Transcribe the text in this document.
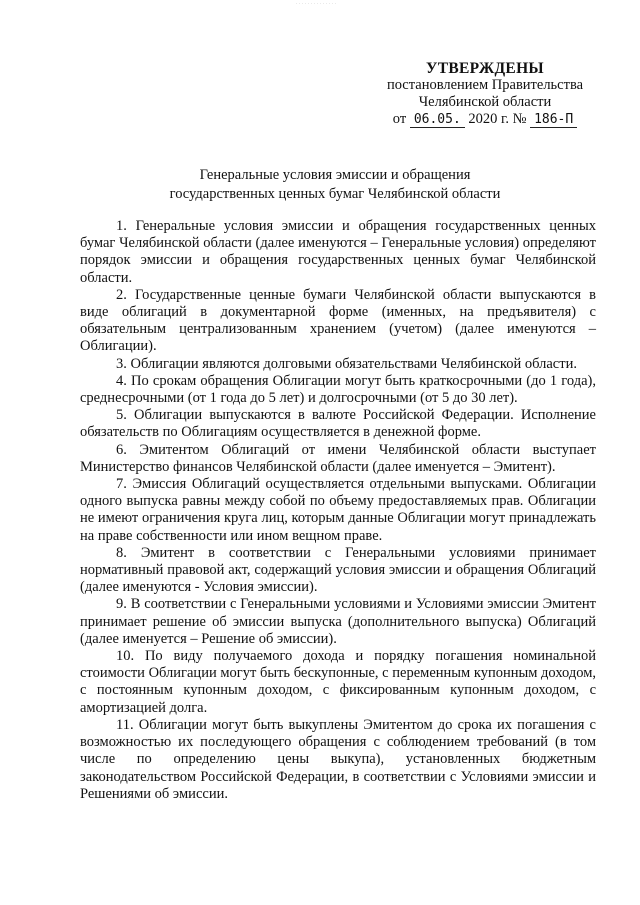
УТВЕРЖДЕНЫ
постановлением Правительства
Челябинской области
от 06.05. 2020 г. № 186-П
Генеральные условия эмиссии и обращения
государственных ценных бумаг Челябинской области

1. Генеральные условия эмиссии и обращения государственных ценных бумаг Челябинской области (далее именуются – Генеральные условия) определяют порядок эмиссии и обращения государственных ценных бумаг Челябинской области.

2. Государственные ценные бумаги Челябинской области выпускаются в виде облигаций в документарной форме (именных, на предъявителя) с обязательным централизованным хранением (учетом) (далее именуются – Облигации).

3. Облигации являются долговыми обязательствами Челябинской области.

4. По срокам обращения Облигации могут быть краткосрочными (до 1 года), среднесрочными (от 1 года до 5 лет) и долгосрочными (от 5 до 30 лет).

5. Облигации выпускаются в валюте Российской Федерации. Исполнение обязательств по Облигациям осуществляется в денежной форме.

6. Эмитентом Облигаций от имени Челябинской области выступает Министерство финансов Челябинской области (далее именуется – Эмитент).

7. Эмиссия Облигаций осуществляется отдельными выпусками. Облигации одного выпуска равны между собой по объему предоставляемых прав. Облигации не имеют ограничения круга лиц, которым данные Облигации могут принадлежать на праве собственности или ином вещном праве.

8. Эмитент в соответствии с Генеральными условиями принимает нормативный правовой акт, содержащий условия эмиссии и обращения Облигаций (далее именуются - Условия эмиссии).

9. В соответствии с Генеральными условиями и Условиями эмиссии Эмитент принимает решение об эмиссии выпуска (дополнительного выпуска) Облигаций (далее именуется – Решение об эмиссии).

10. По виду получаемого дохода и порядку погашения номинальной стоимости Облигации могут быть бескупонные, с переменным купонным доходом, с постоянным купонным доходом, с фиксированным купонным доходом, с амортизацией долга.

11. Облигации могут быть выкуплены Эмитентом до срока их погашения с возможностью их последующего обращения с соблюдением требований (в том числе по определению цены выкупа), установленных бюджетным законодательством Российской Федерации, в соответствии с Условиями эмиссии и Решениями об эмиссии.
